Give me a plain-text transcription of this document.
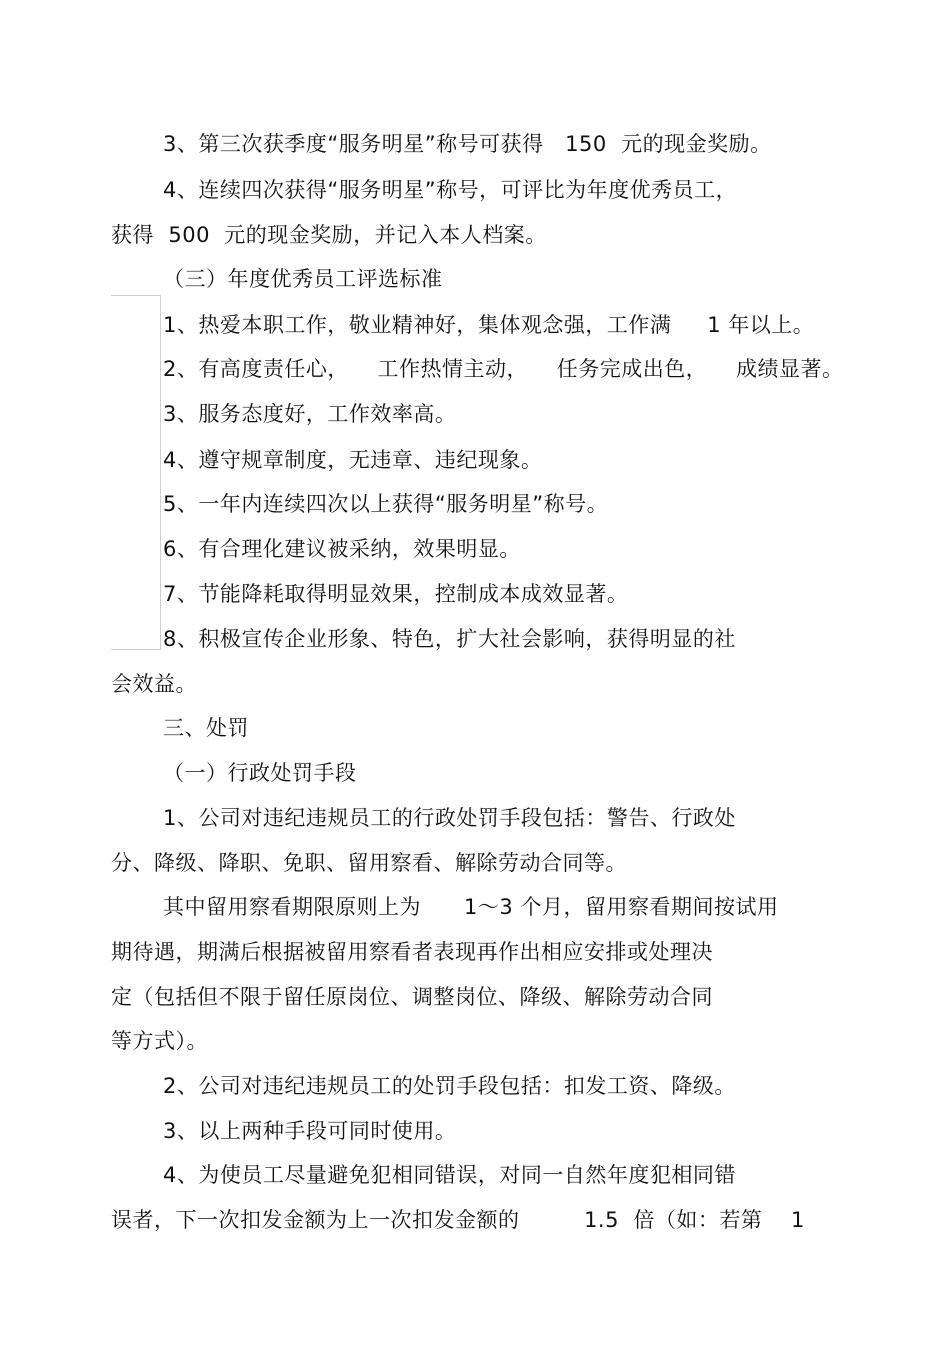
3、第三次获季度“服务明星”称号可获得   150  元的现金奖励。
4、连续四次获得“服务明星”称号，可评比为年度优秀员工，
获得  500  元的现金奖励，并记入本人档案。
（三）年度优秀员工评选标准
1、热爱本职工作，敬业精神好，集体观念强，工作满     1 年以上。
2、有高度责任心，    工作热情主动，    任务完成出色，    成绩显著。
3、服务态度好，工作效率高。
4、遵守规章制度，无违章、违纪现象。
5、一年内连续四次以上获得“服务明星”称号。
6、有合理化建议被采纳，效果明显。
7、节能降耗取得明显效果，控制成本成效显著。
8、积极宣传企业形象、特色，扩大社会影响，获得明显的社
会效益。
三、处罚
（一）行政处罚手段
1、公司对违纪违规员工的行政处罚手段包括：警告、行政处
分、降级、降职、免职、留用察看、解除劳动合同等。
其中留用察看期限原则上为      1～3 个月，留用察看期间按试用
期待遇，期满后根据被留用察看者表现再作出相应安排或处理决
定（包括但不限于留任原岗位、调整岗位、降级、解除劳动合同
等方式）。
2、公司对违纪违规员工的处罚手段包括：扣发工资、降级。
3、以上两种手段可同时使用。
4、为使员工尽量避免犯相同错误，对同一自然年度犯相同错
误者，下一次扣发金额为上一次扣发金额的         1.5  倍（如：若第    1
